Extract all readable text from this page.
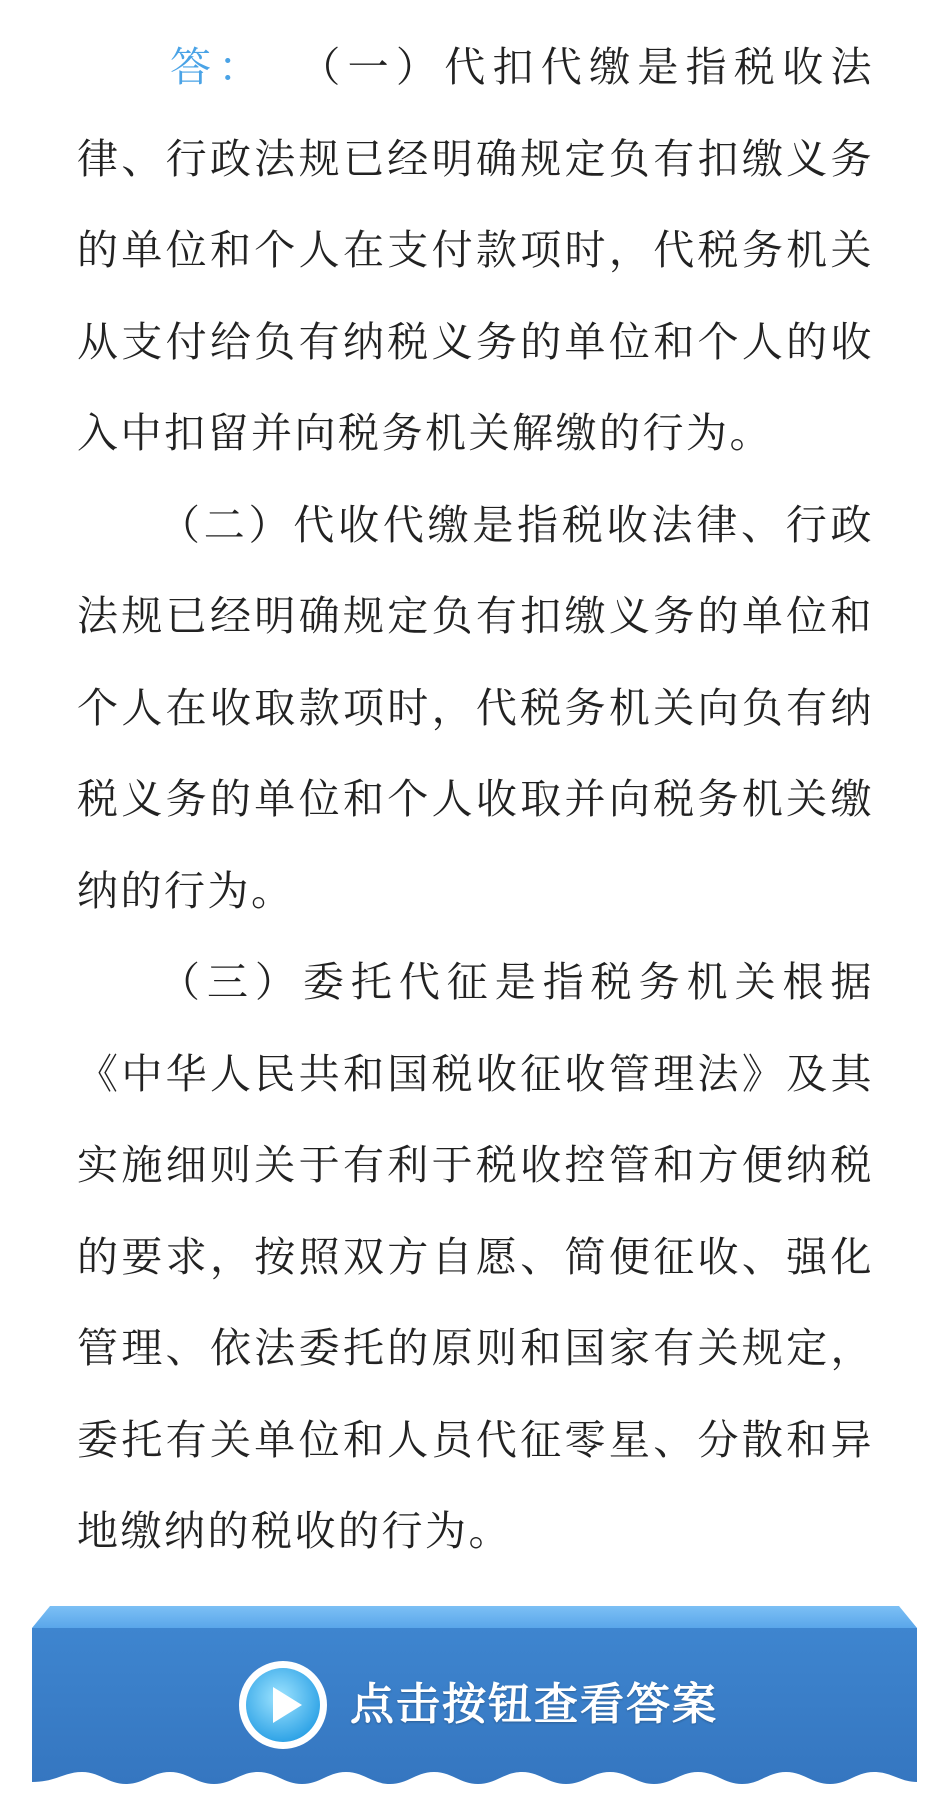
答： （一）代扣代缴是指税收法律、行政法规已经明确规定负有扣缴义务的单位和个人在支付款项时，代税务机关从支付给负有纳税义务的单位和个人的收入中扣留并向税务机关解缴的行为。

（二）代收代缴是指税收法律、行政法规已经明确规定负有扣缴义务的单位和个人在收取款项时，代税务机关向负有纳税义务的单位和个人收取并向税务机关缴纳的行为。

（三）委托代征是指税务机关根据《中华人民共和国税收征收管理法》及其实施细则关于有利于税收控管和方便纳税的要求，按照双方自愿、简便征收、强化管理、依法委托的原则和国家有关规定，委托有关单位和人员代征零星、分散和异地缴纳的税收的行为。

点击按钮查看答案
